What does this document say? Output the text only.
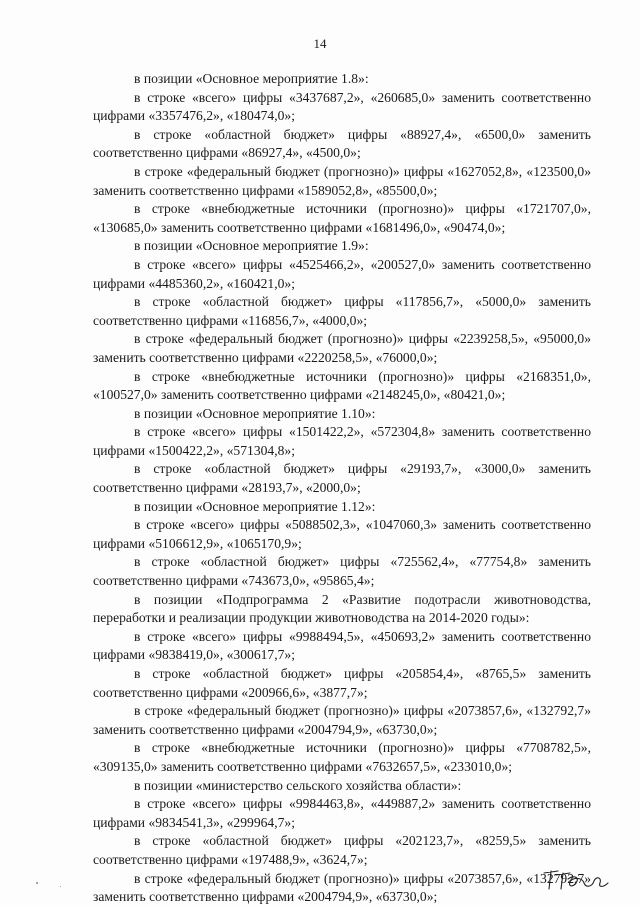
14

в позиции «Основное мероприятие 1.8»:

в строке «всего» цифры «3437687,2», «260685,0» заменить соответственно цифрами «3357476,2», «180474,0»;

в строке «областной бюджет» цифры «88927,4», «6500,0» заменить соответственно цифрами «86927,4», «4500,0»;

в строке «федеральный бюджет (прогнозно)» цифры «1627052,8», «123500,0» заменить соответственно цифрами «1589052,8», «85500,0»;

в строке «внебюджетные источники (прогнозно)» цифры «1721707,0», «130685,0» заменить соответственно цифрами «1681496,0», «90474,0»;

в позиции «Основное мероприятие 1.9»:

в строке «всего» цифры «4525466,2», «200527,0» заменить соответственно цифрами «4485360,2», «160421,0»;

в строке «областной бюджет» цифры «117856,7», «5000,0» заменить соответственно цифрами «116856,7», «4000,0»;

в строке «федеральный бюджет (прогнозно)» цифры «2239258,5», «95000,0» заменить соответственно цифрами «2220258,5», «76000,0»;

в строке «внебюджетные источники (прогнозно)» цифры «2168351,0», «100527,0» заменить соответственно цифрами «2148245,0», «80421,0»;

в позиции «Основное мероприятие 1.10»:

в строке «всего» цифры «1501422,2», «572304,8» заменить соответственно цифрами «1500422,2», «571304,8»;

в строке «областной бюджет» цифры «29193,7», «3000,0» заменить соответственно цифрами «28193,7», «2000,0»;

в позиции «Основное мероприятие 1.12»:

в строке «всего» цифры «5088502,3», «1047060,3» заменить соответственно цифрами «5106612,9», «1065170,9»;

в строке «областной бюджет» цифры «725562,4», «77754,8» заменить соответственно цифрами «743673,0», «95865,4»;

в позиции «Подпрограмма 2 «Развитие подотрасли животноводства, переработки и реализации продукции животноводства на 2014-2020 годы»:

в строке «всего» цифры «9988494,5», «450693,2» заменить соответственно цифрами «9838419,0», «300617,7»;

в строке «областной бюджет» цифры «205854,4», «8765,5» заменить соответственно цифрами «200966,6», «3877,7»;

в строке «федеральный бюджет (прогнозно)» цифры «2073857,6», «132792,7» заменить соответственно цифрами «2004794,9», «63730,0»;

в строке «внебюджетные источники (прогнозно)» цифры «7708782,5», «309135,0» заменить соответственно цифрами «7632657,5», «233010,0»;

в позиции «министерство сельского хозяйства области»:

в строке «всего» цифры «9984463,8», «449887,2» заменить соответственно цифрами «9834541,3», «299964,7»;

в строке «областной бюджет» цифры «202123,7», «8259,5» заменить соответственно цифрами «197488,9», «3624,7»;

в строке «федеральный бюджет (прогнозно)» цифры «2073857,6», «132792,7» заменить соответственно цифрами «2004794,9», «63730,0»;
